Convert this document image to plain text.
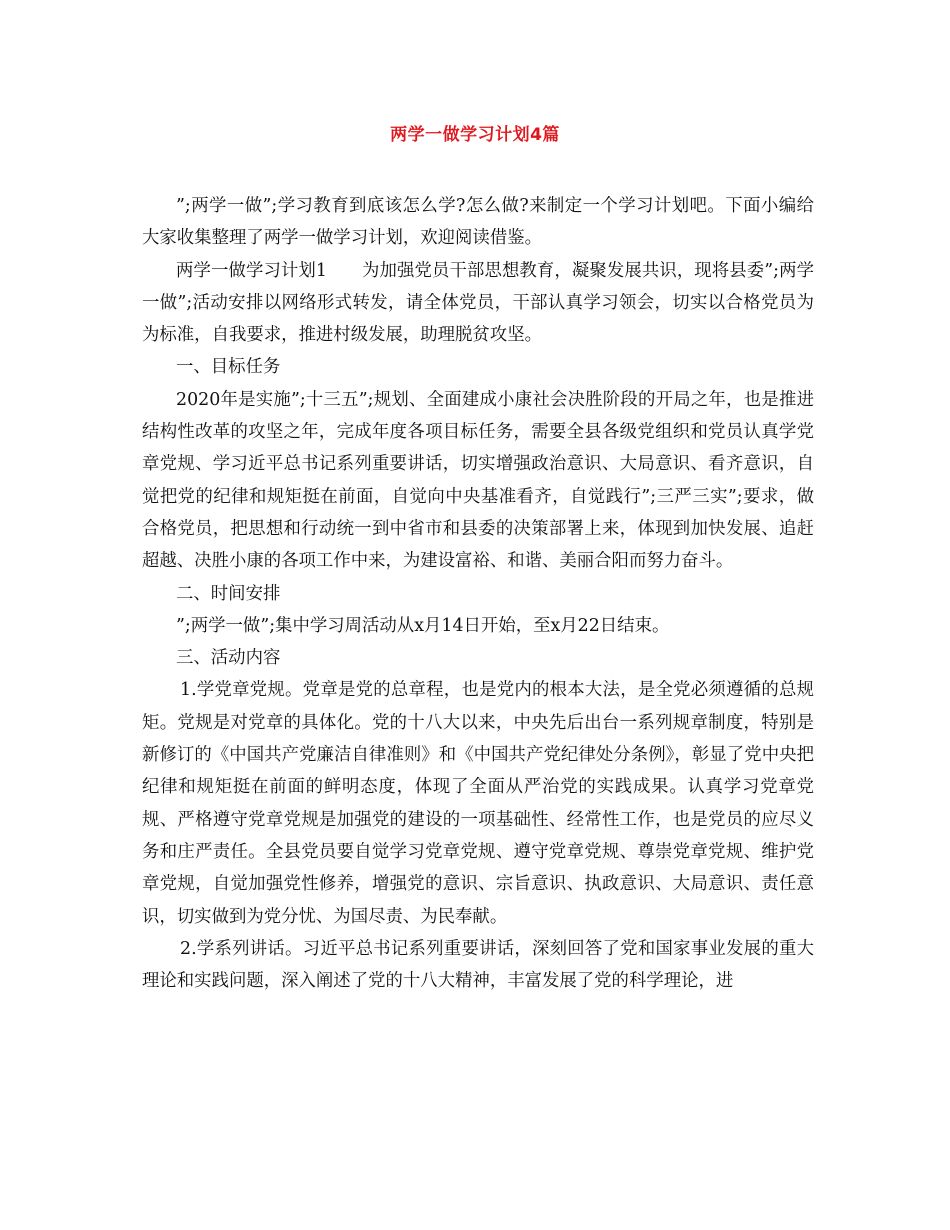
两学一做学习计划4篇

”;两学一做”;学习教育到底该怎么学?怎么做?来制定一个学习计划吧。下面小编给大家收集整理了两学一做学习计划，欢迎阅读借鉴。

两学一做学习计划1　　为加强党员干部思想教育，凝聚发展共识，现将县委”;两学一做”;活动安排以网络形式转发，请全体党员，干部认真学习领会，切实以合格党员为为标准，自我要求，推进村级发展，助理脱贫攻坚。

一、目标任务

2020年是实施”;十三五”;规划、全面建成小康社会决胜阶段的开局之年，也是推进结构性改革的攻坚之年，完成年度各项目标任务，需要全县各级党组织和党员认真学党章党规、学习近平总书记系列重要讲话，切实增强政治意识、大局意识、看齐意识，自觉把党的纪律和规矩挺在前面，自觉向中央基准看齐，自觉践行”;三严三实”;要求，做合格党员，把思想和行动统一到中省市和县委的决策部署上来，体现到加快发展、追赶超越、决胜小康的各项工作中来，为建设富裕、和谐、美丽合阳而努力奋斗。

二、时间安排

”;两学一做”;集中学习周活动从x月14日开始，至x月22日结束。

三、活动内容

1.学党章党规。党章是党的总章程，也是党内的根本大法，是全党必须遵循的总规矩。党规是对党章的具体化。党的十八大以来，中央先后出台一系列规章制度，特别是新修订的《中国共产党廉洁自律准则》和《中国共产党纪律处分条例》，彰显了党中央把纪律和规矩挺在前面的鲜明态度，体现了全面从严治党的实践成果。认真学习党章党规、严格遵守党章党规是加强党的建设的一项基础性、经常性工作，也是党员的应尽义务和庄严责任。全县党员要自觉学习党章党规、遵守党章党规、尊崇党章党规、维护党章党规，自觉加强党性修养，增强党的意识、宗旨意识、执政意识、大局意识、责任意识，切实做到为党分忧、为国尽责、为民奉献。

2.学系列讲话。习近平总书记系列重要讲话，深刻回答了党和国家事业发展的重大理论和实践问题，深入阐述了党的十八大精神，丰富发展了党的科学理论，进
